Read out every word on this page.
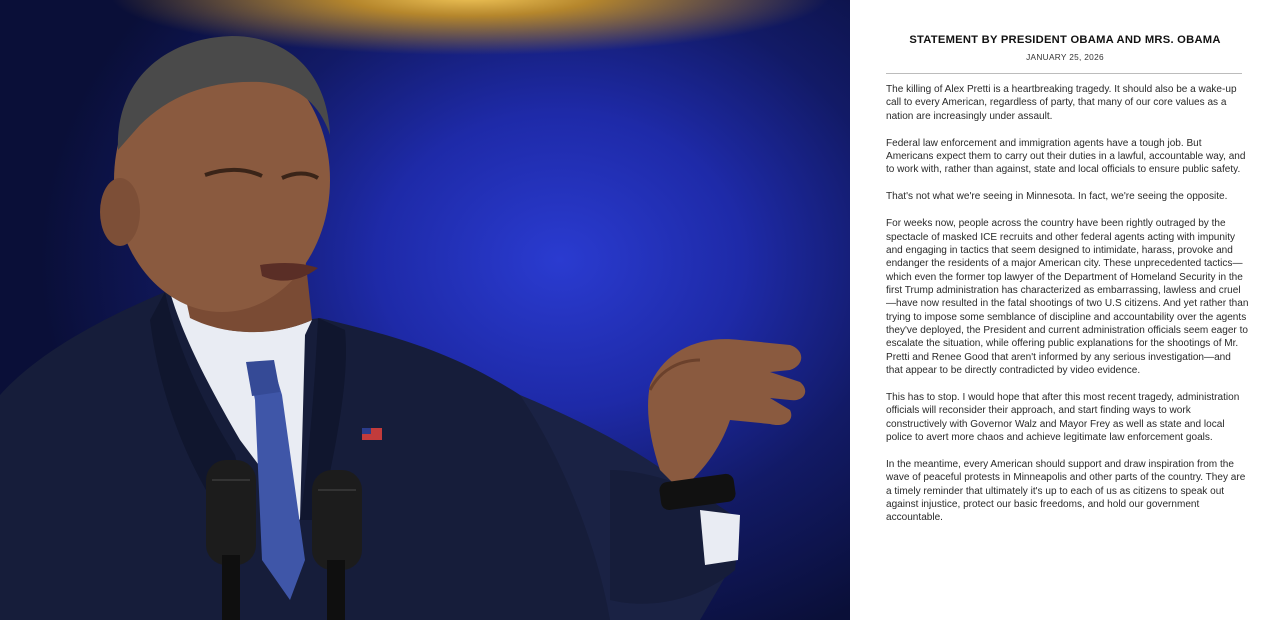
STATEMENT BY PRESIDENT OBAMA AND MRS. OBAMA
JANUARY 25, 2026

The killing of Alex Pretti is a heartbreaking tragedy. It should also be a wake-up call to every American, regardless of party, that many of our core values as a nation are increasingly under assault.

Federal law enforcement and immigration agents have a tough job. But Americans expect them to carry out their duties in a lawful, accountable way, and to work with, rather than against, state and local officials to ensure public safety.

That's not what we're seeing in Minnesota. In fact, we're seeing the opposite.

For weeks now, people across the country have been rightly outraged by the spectacle of masked ICE recruits and other federal agents acting with impunity and engaging in tactics that seem designed to intimidate, harass, provoke and endanger the residents of a major American city. These unprecedented tactics—which even the former top lawyer of the Department of Homeland Security in the first Trump administration has characterized as embarrassing, lawless and cruel—have now resulted in the fatal shootings of two U.S citizens. And yet rather than trying to impose some semblance of discipline and accountability over the agents they've deployed, the President and current administration officials seem eager to escalate the situation, while offering public explanations for the shootings of Mr. Pretti and Renee Good that aren't informed by any serious investigation—and that appear to be directly contradicted by video evidence.

This has to stop. I would hope that after this most recent tragedy, administration officials will reconsider their approach, and start finding ways to work constructively with Governor Walz and Mayor Frey as well as state and local police to avert more chaos and achieve legitimate law enforcement goals.

In the meantime, every American should support and draw inspiration from the wave of peaceful protests in Minneapolis and other parts of the country. They are a timely reminder that ultimately it's up to each of us as citizens to speak out against injustice, protect our basic freedoms, and hold our government accountable.
